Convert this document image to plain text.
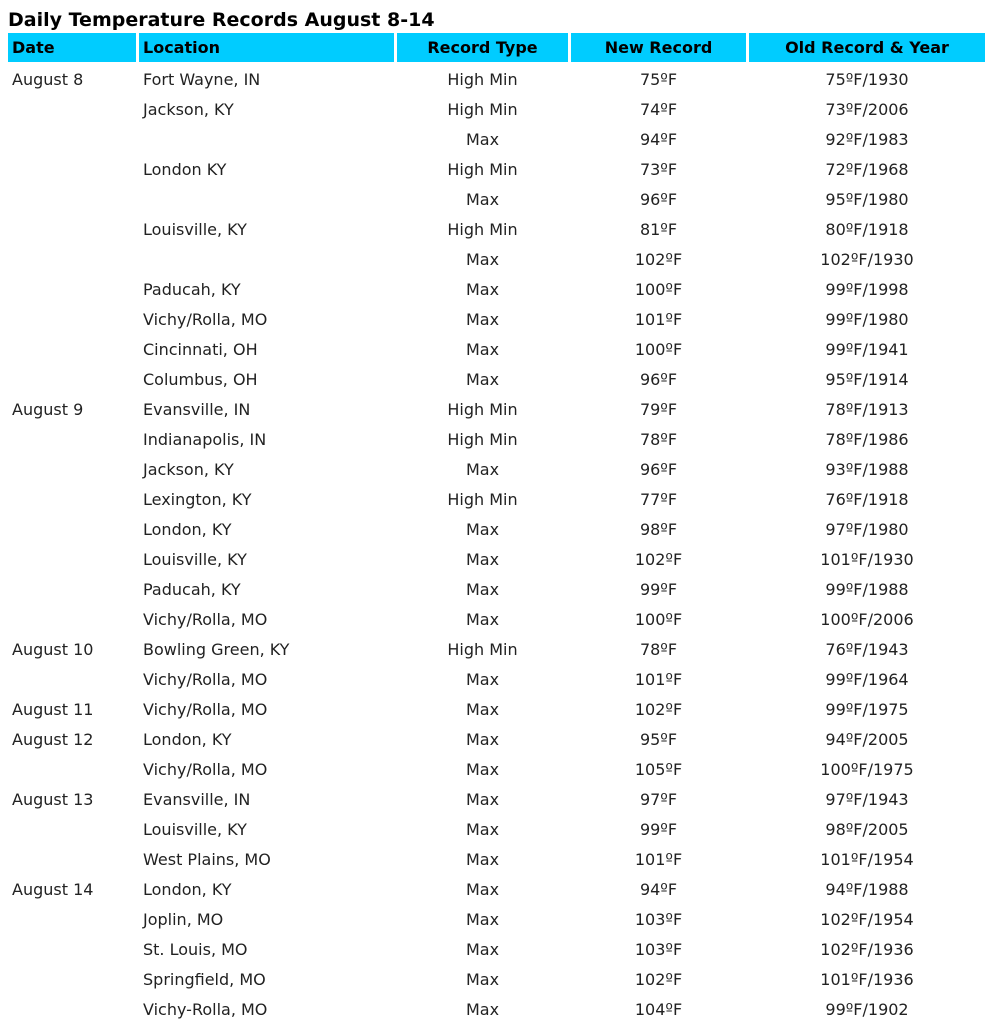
Daily Temperature Records August 8-14
Date	Location	Record Type	New Record	Old Record & Year
August 8	Fort Wayne, IN	High Min	75ºF	75ºF/1930
	Jackson, KY	High Min	74ºF	73ºF/2006
		Max	94ºF	92ºF/1983
	London KY	High Min	73ºF	72ºF/1968
		Max	96ºF	95ºF/1980
	Louisville, KY	High Min	81ºF	80ºF/1918
		Max	102ºF	102ºF/1930
	Paducah, KY	Max	100ºF	99ºF/1998
	Vichy/Rolla, MO	Max	101ºF	99ºF/1980
	Cincinnati, OH	Max	100ºF	99ºF/1941
	Columbus, OH	Max	96ºF	95ºF/1914
August 9	Evansville, IN	High Min	79ºF	78ºF/1913
	Indianapolis, IN	High Min	78ºF	78ºF/1986
	Jackson, KY	Max	96ºF	93ºF/1988
	Lexington, KY	High Min	77ºF	76ºF/1918
	London, KY	Max	98ºF	97ºF/1980
	Louisville, KY	Max	102ºF	101ºF/1930
	Paducah, KY	Max	99ºF	99ºF/1988
	Vichy/Rolla, MO	Max	100ºF	100ºF/2006
August 10	Bowling Green, KY	High Min	78ºF	76ºF/1943
	Vichy/Rolla, MO	Max	101ºF	99ºF/1964
August 11	Vichy/Rolla, MO	Max	102ºF	99ºF/1975
August 12	London, KY	Max	95ºF	94ºF/2005
	Vichy/Rolla, MO	Max	105ºF	100ºF/1975
August 13	Evansville, IN	Max	97ºF	97ºF/1943
	Louisville, KY	Max	99ºF	98ºF/2005
	West Plains, MO	Max	101ºF	101ºF/1954
August 14	London, KY	Max	94ºF	94ºF/1988
	Joplin, MO	Max	103ºF	102ºF/1954
	St. Louis, MO	Max	103ºF	102ºF/1936
	Springfield, MO	Max	102ºF	101ºF/1936
	Vichy-Rolla, MO	Max	104ºF	99ºF/1902
